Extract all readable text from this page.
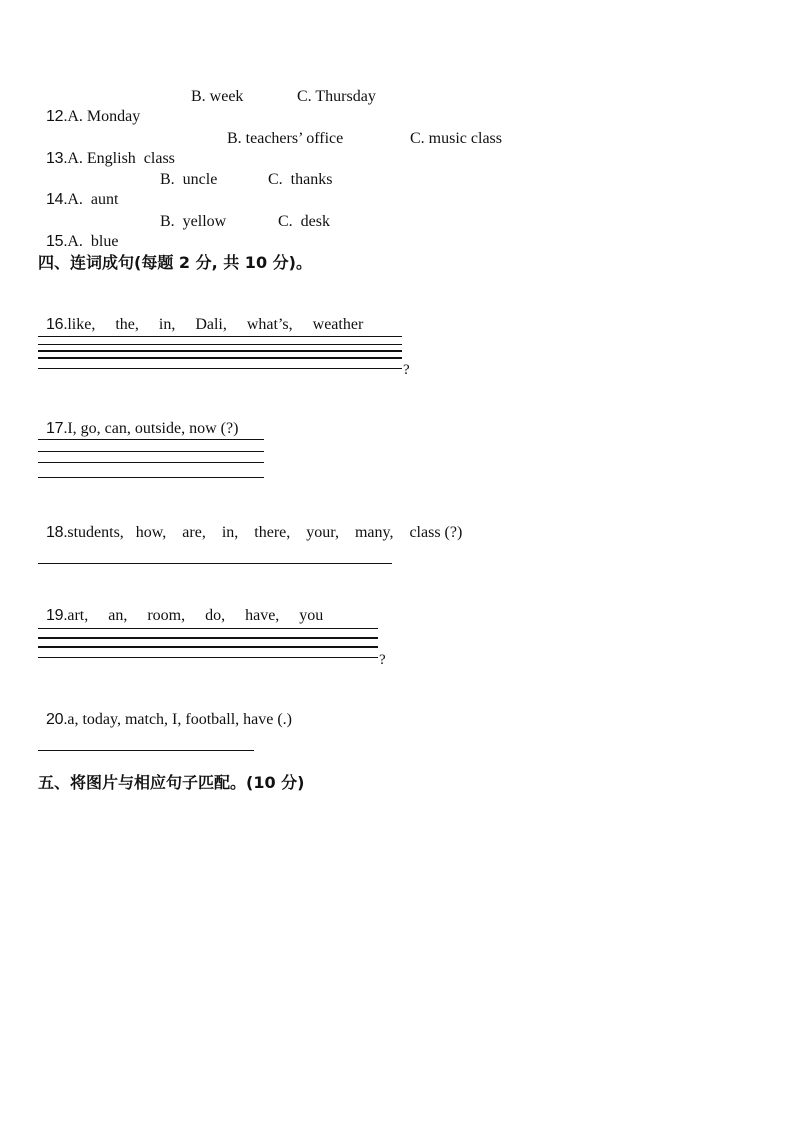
12.A. Monday

B. week	C. Thursday

13.A. English  class

B. teachers’ office	C. music class

14.A.  aunt

B.  uncle	C.  thanks

15.A.  blue

B.  yellow	C.  desk
四、连词成句(每题 2 分, 共 10 分)。

16.like,     the,     in,     Dali,     what’s,     weather

?

17.I, go, can, outside, now (?)

18.students,   how,    are,    in,    there,    your,    many,    class (?)

19.art,     an,     room,     do,     have,     you

?

20.a, today, match, I, football, have (.)

五、将图片与相应句子匹配。(10 分)
